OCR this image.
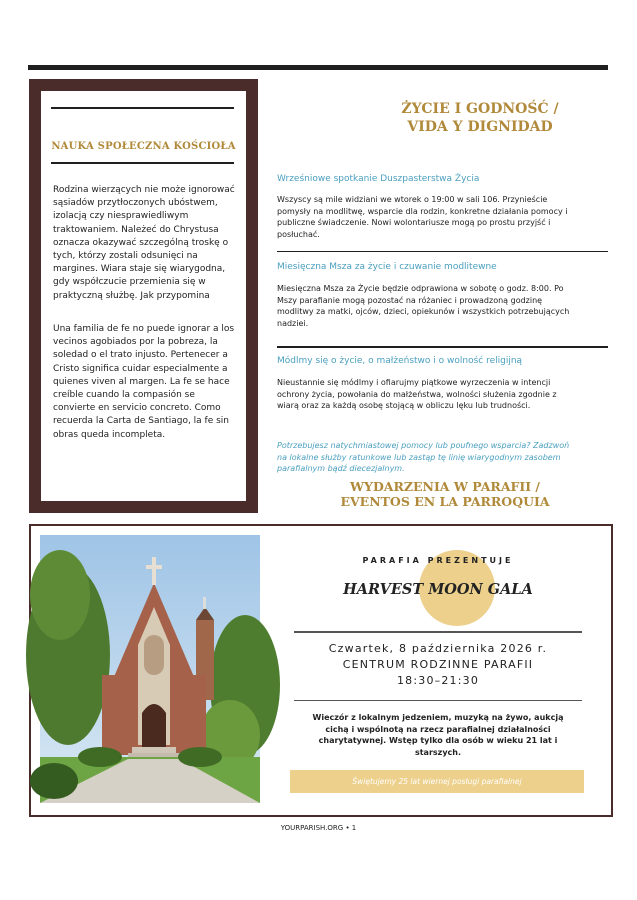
NAUKA SPOŁECZNA KOŚCIOŁA
Rodzina wierzących nie może ignorować sąsiadów przytłoczonych ubóstwem, izolacją czy niesprawiedliwym traktowaniem. Należeć do Chrystusa oznacza okazywać szczególną troskę o tych, którzy zostali odsunięci na margines. Wiara staje się wiarygodna, gdy współczucie przemienia się w praktyczną służbę. Jak przypomina
Una familia de fe no puede ignorar a los vecinos agobiados por la pobreza, la soledad o el trato injusto. Pertenecer a Cristo significa cuidar especialmente a quienes viven al margen. La fe se hace creíble cuando la compasión se convierte en servicio concreto. Como recuerda la Carta de Santiago, la fe sin obras queda incompleta.
ŻYCIE I GODNOŚĆ /
VIDA Y DIGNIDAD
Wrześniowe spotkanie Duszpasterstwa Życia
Wszyscy są mile widziani we wtorek o 19:00 w sali 106. Przynieście pomysły na modlitwę, wsparcie dla rodzin, konkretne działania pomocy i publiczne świadczenie. Nowi wolontariusze mogą po prostu przyjść i posłuchać.
Miesięczna Msza za życie i czuwanie modlitewne
Miesięczna Msza za Życie będzie odprawiona w sobotę o godz. 8:00. Po Mszy parafianie mogą pozostać na różaniec i prowadzoną godzinę modlitwy za matki, ojców, dzieci, opiekunów i wszystkich potrzebujących nadziei.
Módlmy się o życie, o małżeństwo i o wolność religijną
Nieustannie się módlmy i ofiarujmy piątkowe wyrzeczenia w intencji ochrony życia, powołania do małżeństwa, wolności służenia zgodnie z wiarą oraz za każdą osobę stojącą w obliczu lęku lub trudności.
Potrzebujesz natychmiastowej pomocy lub poufnego wsparcia? Zadzwoń na lokalne służby ratunkowe lub zastąp tę linię wiarygodnym zasobem parafialnym bądź diecezjalnym.
WYDARZENIA W PARAFII /
EVENTOS EN LA PARROQUIA
PARAFIA PREZENTUJE
HARVEST MOON GALA
Czwartek, 8 października 2026 r.
CENTRUM RODZINNE PARAFII
18:30–21:30
Wieczór z lokalnym jedzeniem, muzyką na żywo, aukcją cichą i wspólnotą na rzecz parafialnej działalności charytatywnej. Wstęp tylko dla osób w wieku 21 lat i starszych.
Świętujemy 25 lat wiernej posługi parafialnej
YOURPARISH.ORG • 1
